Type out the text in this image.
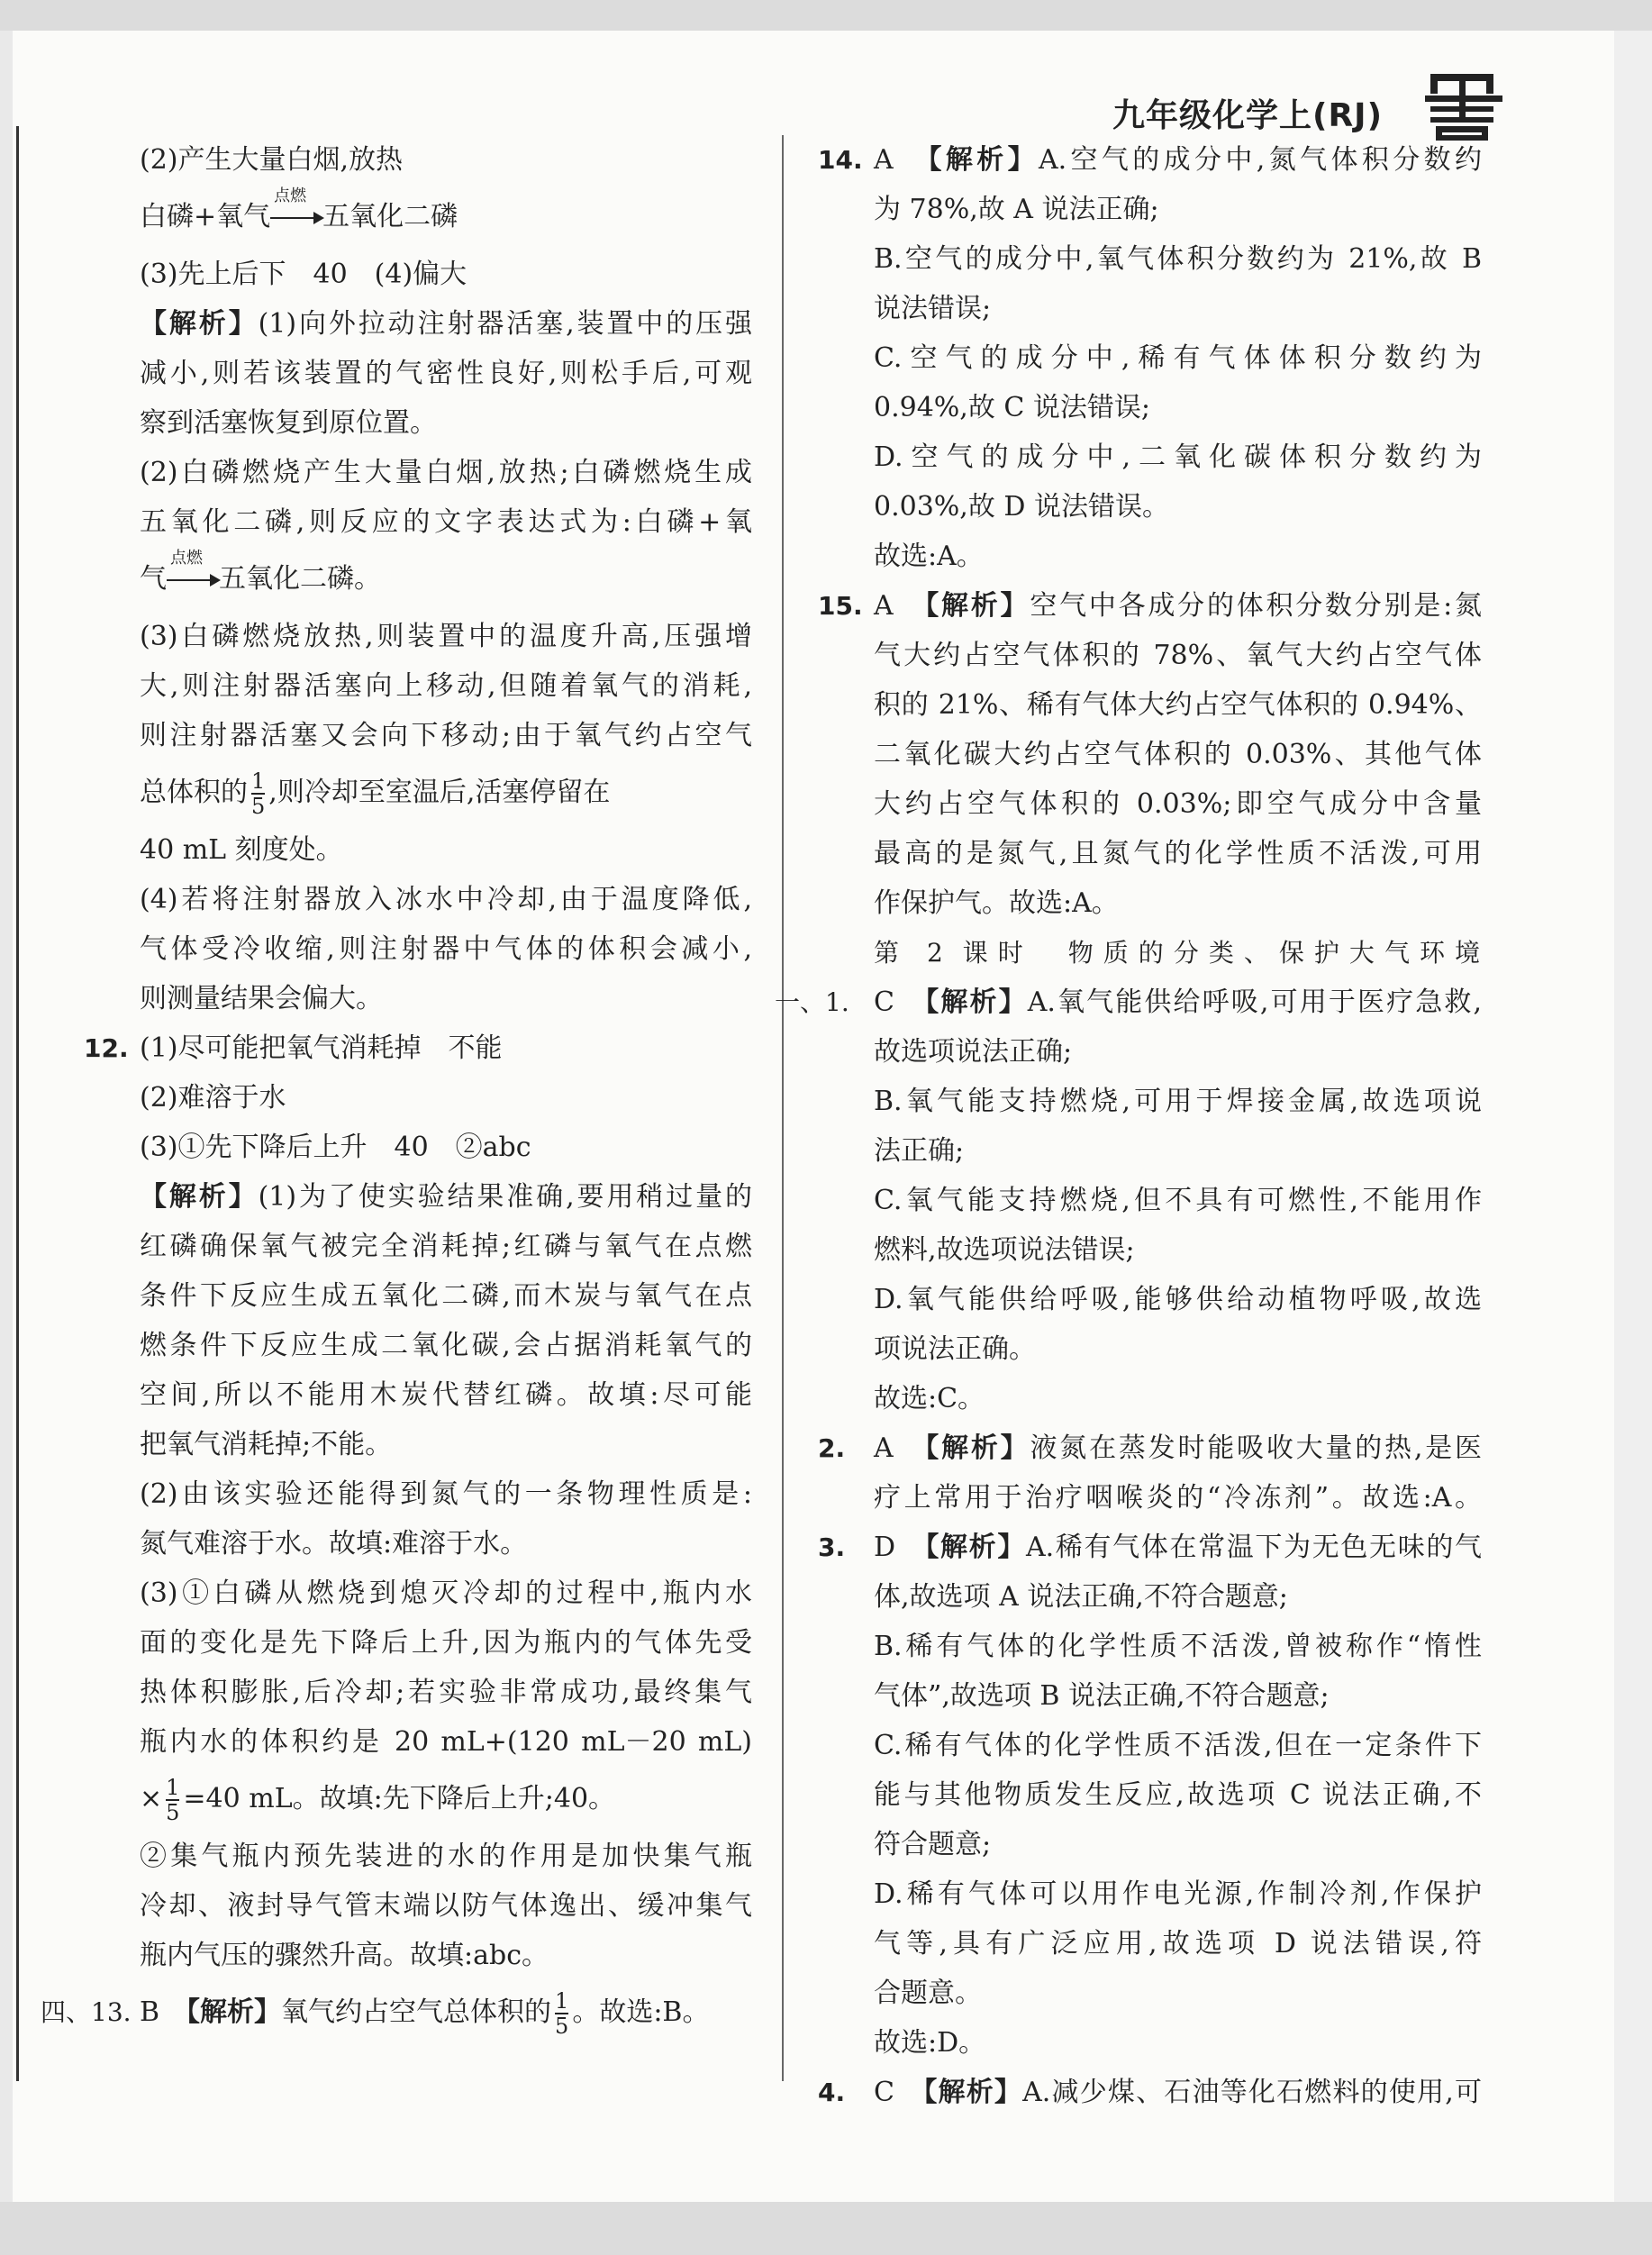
九年级化学上(RJ)
(2)产生大量白烟,放热
白磷+氧气
点燃
五氧化二磷
(3)先上后下　40　(4)偏大
【解析】(1)向外拉动注射器活塞,装置中的压强
减小,则若该装置的气密性良好,则松手后,可观
察到活塞恢复到原位置。
(2)白磷燃烧产生大量白烟,放热;白磷燃烧生成
五氧化二磷,则反应的文字表达式为:白磷+氧
气
点燃
五氧化二磷。
(3)白磷燃烧放热,则装置中的温度升高,压强增
大,则注射器活塞向上移动,但随着氧气的消耗,
则注射器活塞又会向下移动;由于氧气约占空气
总体积的 $\frac{1}{5}$ ,则冷却至室温后,活塞停留在
40 mL 刻度处。
(4)若将注射器放入冰水中冷却,由于温度降低,
气体受冷收缩,则注射器中气体的体积会减小,
则测量结果会偏大。
12. (1)尽可能把氧气消耗掉　不能
(2)难溶于水
(3)①先下降后上升　40　②abc
【解析】(1)为了使实验结果准确,要用稍过量的
红磷确保氧气被完全消耗掉;红磷与氧气在点燃
条件下反应生成五氧化二磷,而木炭与氧气在点
燃条件下反应生成二氧化碳,会占据消耗氧气的
空间,所以不能用木炭代替红磷。故填:尽可能
把氧气消耗掉;不能。
(2)由该实验还能得到氮气的一条物理性质是:
氮气难溶于水。故填:难溶于水。
(3)①白磷从燃烧到熄灭冷却的过程中,瓶内水
面的变化是先下降后上升,因为瓶内的气体先受
热体积膨胀,后冷却;若实验非常成功,最终集气
瓶内水的体积约是 20 mL+(120 mL－20 mL)
× $\frac{1}{5} =40$ mL。故填:先下降后上升;40。
②集气瓶内预先装进的水的作用是加快集气瓶
冷却、液封导气管末端以防气体逸出、缓冲集气
瓶内气压的骤然升高。故填:abc。
四、13. B　【解析】氧气约占空气总体积的 $\frac{1}{5}$ 。故选:B。
14. A　【解析】A.空气的成分中,氮气体积分数约
为 78%,故 A 说法正确;
B.空气的成分中,氧气体积分数约为 21%,故 B
说法错误;
C.空气的成分中,稀有气体体积分数约为
0.94%,故 C 说法错误;
D.空气的成分中,二氧化碳体积分数约为
0.03%,故 D 说法错误。
故选:A。
15. A　【解析】空气中各成分的体积分数分别是:氮
气大约占空气体积的 78%、氧气大约占空气体
积的 21%、稀有气体大约占空气体积的 0.94%、
二氧化碳大约占空气体积的 0.03%、其他气体
大约占空气体积的 0.03%;即空气成分中含量
最高的是氮气,且氮气的化学性质不活泼,可用
作保护气。故选:A。
第 2 课时　物质的分类、保护大气环境
一、1. C　【解析】A.氧气能供给呼吸,可用于医疗急救,
故选项说法正确;
B.氧气能支持燃烧,可用于焊接金属,故选项说
法正确;
C.氧气能支持燃烧,但不具有可燃性,不能用作
燃料,故选项说法错误;
D.氧气能供给呼吸,能够供给动植物呼吸,故选
项说法正确。
故选:C。
2. A　【解析】液氮在蒸发时能吸收大量的热,是医
疗上常用于治疗咽喉炎的“冷冻剂”。故选:A。
3. D　【解析】A.稀有气体在常温下为无色无味的气
体,故选项 A 说法正确,不符合题意;
B.稀有气体的化学性质不活泼,曾被称作“惰性
气体”,故选项 B 说法正确,不符合题意;
C.稀有气体的化学性质不活泼,但在一定条件下
能与其他物质发生反应,故选项 C 说法正确,不
符合题意;
D.稀有气体可以用作电光源,作制冷剂,作保护
气等,具有广泛应用,故选项 D 说法错误,符
合题意。
故选:D。
4. C　【解析】A.减少煤、石油等化石燃料的使用,可
